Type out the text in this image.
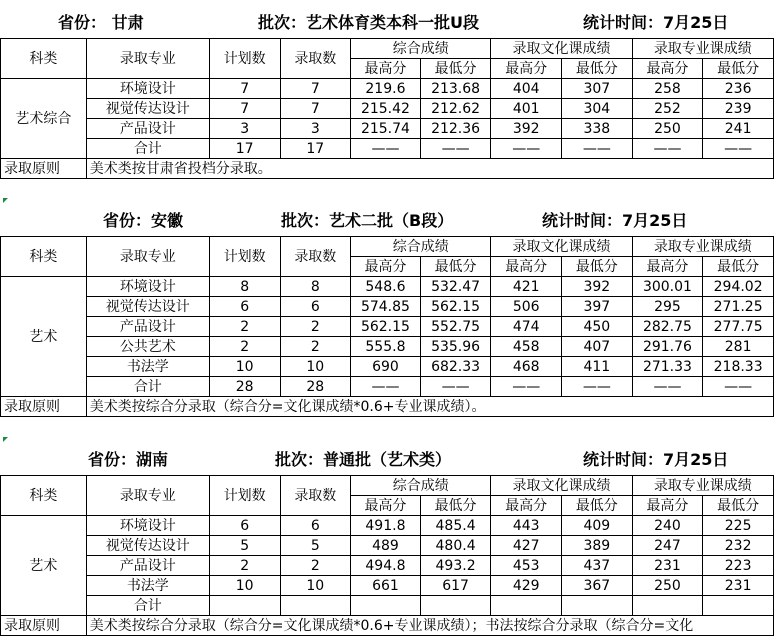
省份： 甘肃	批次：艺术体育类本科一批U段	统计时间：7月25日
科类	录取专业	计划数	录取数	综合成绩		录取文化课成绩		录取专业课成绩	
				最高分	最低分	最高分	最低分	最高分	最低分
艺术综合	环境设计	7	7	219.6	213.68	404	307	258	236
	视觉传达设计	7	7	215.42	212.62	401	304	252	239
	产品设计	3	3	215.74	212.36	392	338	250	241
	合计	17	17	——	——	——	——	——	——
录取原则	美术类按甘肃省投档分录取。								
省份：安徽	批次：艺术二批（B段）	统计时间：7月25日
科类	录取专业	计划数	录取数	综合成绩		录取文化课成绩		录取专业课成绩	
				最高分	最低分	最高分	最低分	最高分	最低分
艺术	环境设计	8	8	548.6	532.47	421	392	300.01	294.02
	视觉传达设计	6	6	574.85	562.15	506	397	295	271.25
	产品设计	2	2	562.15	552.75	474	450	282.75	277.75
	公共艺术	2	2	555.8	535.96	458	407	291.76	281
	书法学	10	10	690	682.33	468	411	271.33	218.33
	合计	28	28	——	——	——	——	——	——
录取原则	美术类按综合分录取（综合分=文化课成绩*0.6+专业课成绩）。								
省份：湖南	批次：普通批（艺术类）	统计时间：7月25日
科类	录取专业	计划数	录取数	综合成绩		录取文化课成绩		录取专业课成绩	
				最高分	最低分	最高分	最低分	最高分	最低分
艺术	环境设计	6	6	491.8	485.4	443	409	240	225
	视觉传达设计	5	5	489	480.4	427	389	247	232
	产品设计	2	2	494.8	493.2	453	437	231	223
	书法学	10	10	661	617	429	367	250	231
	合计								
录取原则	美术类按综合分录取（综合分=文化课成绩*0.6+专业课成绩）；书法按综合分录取（综合分=文化								
